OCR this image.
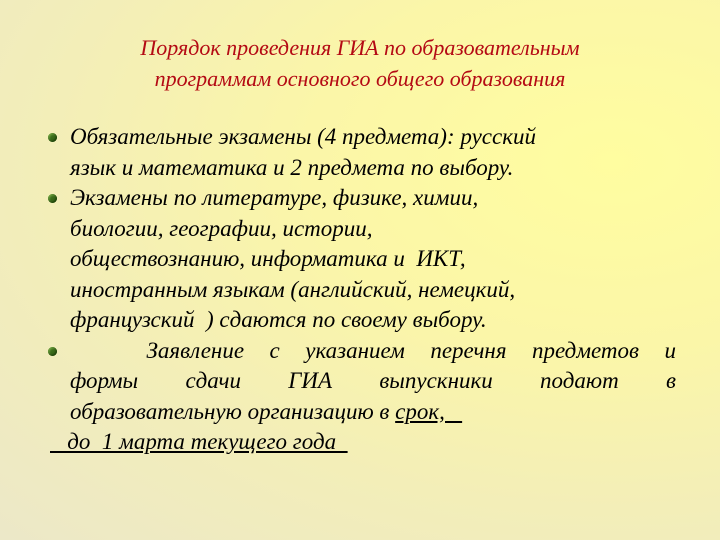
Порядок проведения ГИА по образовательным
программам основного общего образования
Обязательные экзамены (4 предмета): русский
язык и математика и 2 предмета по выбору.
Экзамены по литературе, физике, химии,
биологии, географии, истории,
обществознанию, информатика и  ИКТ,
иностранным языкам (английский, немецкий,
французский  ) сдаются по своему выбору.
Заявление с указанием перечня предметов и
формы сдачи ГИА выпускники подают в
образовательную организацию в срок,
до  1 марта текущего года
